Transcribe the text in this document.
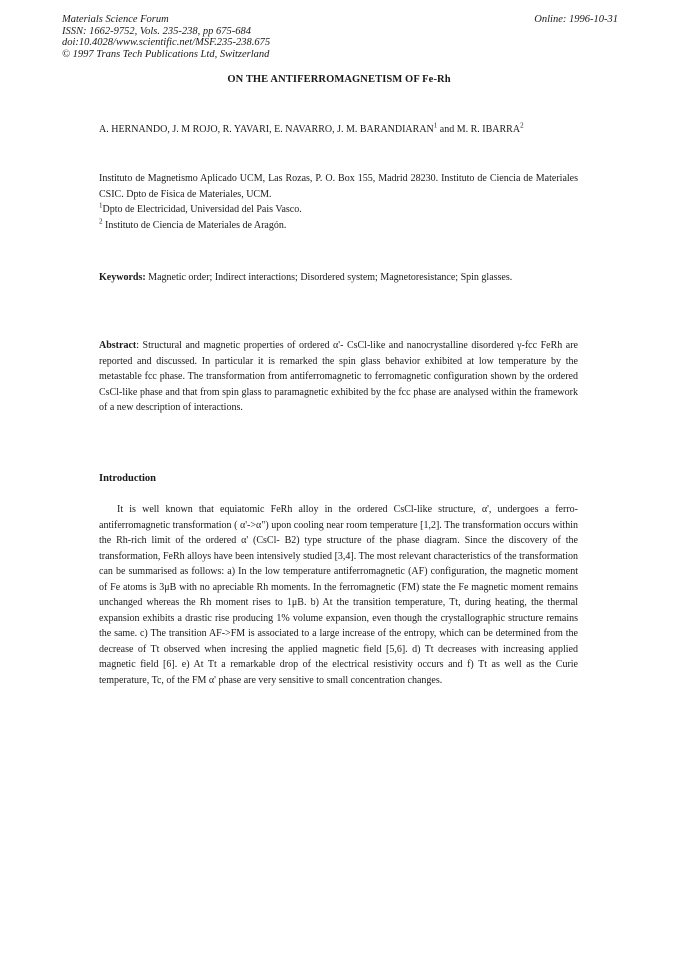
Materials Science Forum
ISSN: 1662-9752, Vols. 235-238, pp 675-684
doi:10.4028/www.scientific.net/MSF.235-238.675
© 1997 Trans Tech Publications Ltd, Switzerland
Online: 1996-10-31
ON THE ANTIFERROMAGNETISM OF Fe-Rh
A. HERNANDO, J. M ROJO, R. YAVARI, E. NAVARRO, J. M. BARANDIARAN$^1$ and M. R. IBARRA$^2$
Instituto de Magnetismo Aplicado UCM, Las Rozas, P. O. Box 155, Madrid 28230. Instituto de Ciencia de Materiales CSIC. Dpto de Fisica de Materiales, UCM.
$^1$Dpto de Electricidad, Universidad del Pais Vasco.
$^2$ Instituto de Ciencia de Materiales de Aragón.
Keywords: Magnetic order; Indirect interactions; Disordered system; Magnetoresistance; Spin glasses.
Abstract: Structural and magnetic properties of ordered α'- CsCl-like and nanocrystalline disordered γ-fcc FeRh are reported and discussed. In particular it is remarked the spin glass behavior exhibited at low temperature by the metastable fcc phase. The transformation from antiferromagnetic to ferromagnetic configuration shown by the ordered CsCl-like phase and that from spin glass to paramagnetic exhibited by the fcc phase are analysed within the framework of a new description of interactions.
Introduction
It is well known that equiatomic FeRh alloy in the ordered CsCl-like structure, α', undergoes a ferro-antiferromagnetic transformation ( α'->α") upon cooling near room temperature [1,2]. The transformation occurs within the Rh-rich limit of the ordered α' (CsCl- B2) type structure of the phase diagram. Since the discovery of the transformation, FeRh alloys have been intensively studied [3,4]. The most relevant characteristics of the transformation can be summarised as follows: a) In the low temperature antiferromagnetic (AF) configuration, the magnetic moment of Fe atoms is 3μB with no apreciable Rh moments. In the ferromagnetic (FM) state the Fe magnetic moment remains unchanged whereas the Rh moment rises to 1μB. b) At the transition temperature, Tt, during heating, the thermal expansion exhibits a drastic rise producing 1% volume expansion, even though the crystallographic structure remains the same. c) The transition AF->FM is associated to a large increase of the entropy, which can be determined from the decrease of Tt observed when incresing the applied magnetic field [5,6]. d) Tt decreases with increasing applied magnetic field [6]. e) At Tt a remarkable drop of the electrical resistivity occurs and f) Tt as well as the Curie temperature, Tc, of the FM α' phase are very sensitive to small concentration changes.
